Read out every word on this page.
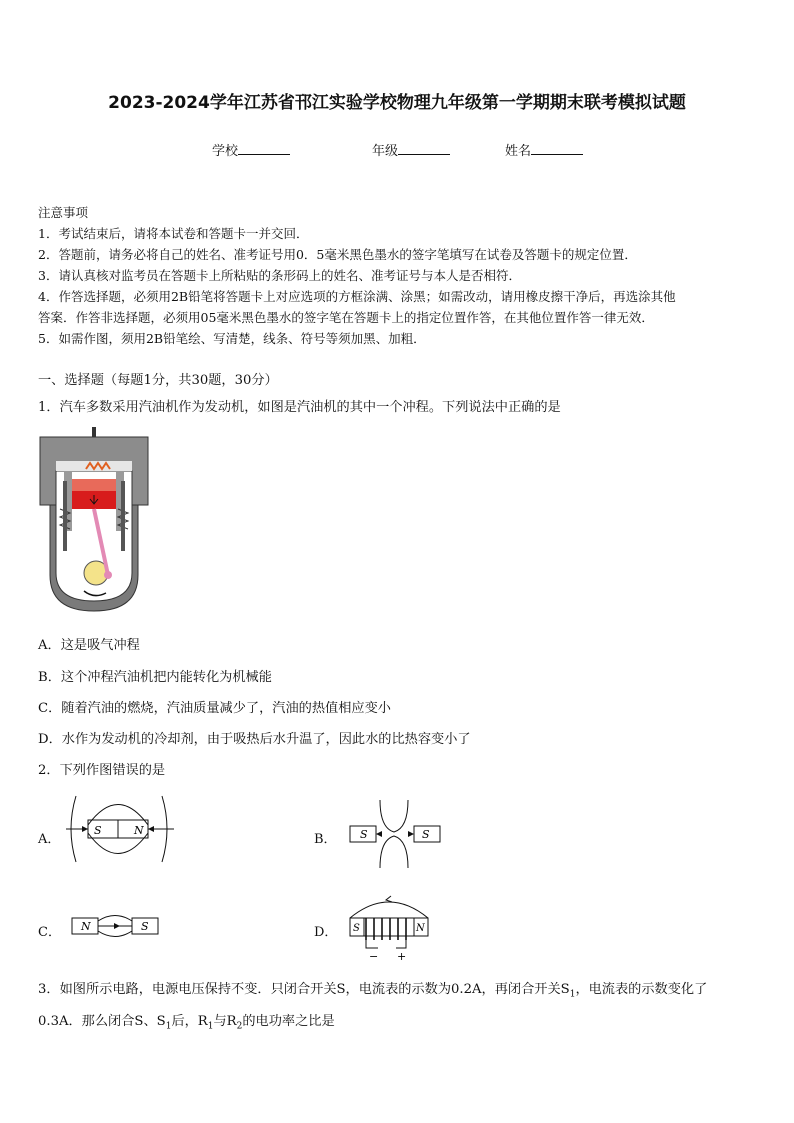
2023-2024学年江苏省邗江实验学校物理九年级第一学期期末联考模拟试题
学校	年级	姓名
注意事项
1．考试结束后，请将本试卷和答题卡一并交回．
2．答题前，请务必将自己的姓名、准考证号用0．5毫米黑色墨水的签字笔填写在试卷及答题卡的规定位置．
3．请认真核对监考员在答题卡上所粘贴的条形码上的姓名、准考证号与本人是否相符．
4．作答选择题，必须用2B铅笔将答题卡上对应选项的方框涂满、涂黑；如需改动，请用橡皮擦干净后，再选涂其他
答案．作答非选择题，必须用05毫米黑色墨水的签字笔在答题卡上的指定位置作答，在其他位置作答一律无效．
5．如需作图，须用2B铅笔绘、写清楚，线条、符号等须加黑、加粗．
一、选择题（每题1分，共30题，30分）
1．汽车多数采用汽油机作为发动机，如图是汽油机的其中一个冲程。下列说法中正确的是
A．这是吸气冲程
B．这个冲程汽油机把内能转化为机械能
C．随着汽油的燃烧，汽油质量减少了，汽油的热值相应变小
D．水作为发动机的冷却剂，由于吸热后水升温了，因此水的比热容变小了
2．下列作图错误的是
A．
S	N
B． S	S
C． N	S	D． S	N
− +
3．如图所示电路，电源电压保持不变．只闭合开关S，电流表的示数为0.2A，再闭合开关$S_1$，电流表的示数变化了
0.3A．那么闭合S、$S_1$后，$R_1$与$R_2$的电功率之比是
